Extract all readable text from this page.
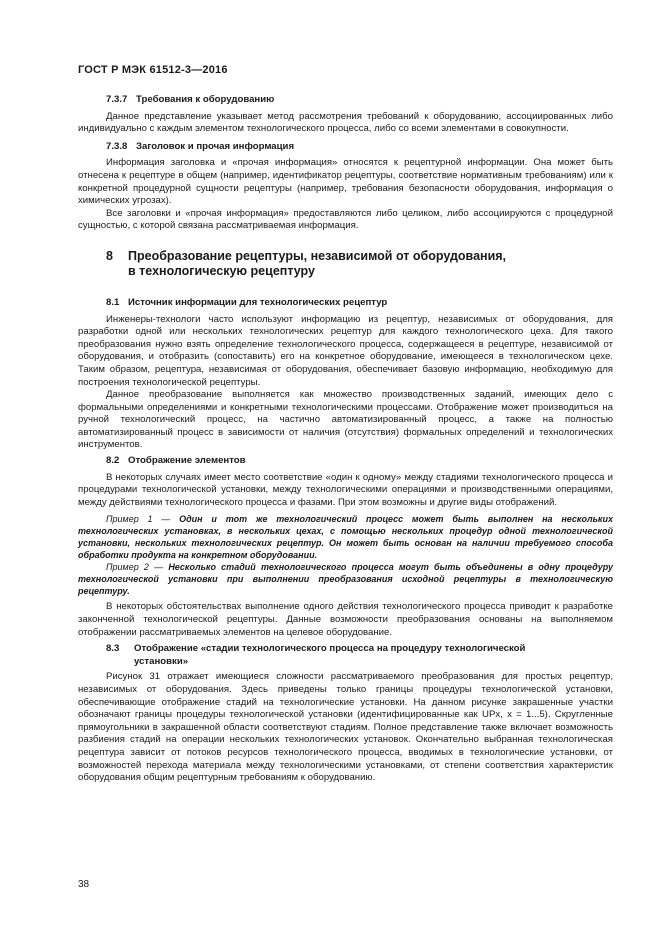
ГОСТ Р МЭК 61512-3—2016
7.3.7 Требования к оборудованию

Данное представление указывает метод рассмотрения требований к оборудованию, ассоциированных либо индивидуально с каждым элементом технологического процесса, либо со всеми элементами в совокупности.

7.3.8 Заголовок и прочая информация

Информация заголовка и «прочая информация» относятся к рецептурной информации. Она может быть отнесена к рецептуре в общем (например, идентификатор рецептуры, соответствие нормативным требованиям) или к конкретной процедурной сущности рецептуры (например, требования безопасности оборудования, информация о химических угрозах).

Все заголовки и «прочая информация» предоставляются либо целиком, либо ассоциируются с процедурной сущностью, с которой связана рассматриваемая информация.

8	Преобразование рецептуры, независимой от оборудования,
в технологическую рецептуру
8.1 Источник информации для технологических рецептур

Инженеры-технологи часто используют информацию из рецептур, независимых от оборудования, для разработки одной или нескольких технологических рецептур для каждого технологического цеха. Для такого преобразования нужно взять определение технологического процесса, содержащееся в рецептуре, независимой от оборудования, и отобразить (сопоставить) его на конкретное оборудование, имеющееся в технологическом цехе. Таким образом, рецептура, независимая от оборудования, обеспечивает базовую информацию, необходимую для построения технологической рецептуры.

Данное преобразование выполняется как множество производственных заданий, имеющих дело с формальными определениями и конкретными технологическими процессами. Отображение может производиться на ручной технологический процесс, на частично автоматизированный процесс, а также на полностью автоматизированный процесс в зависимости от наличия (отсутствия) формальных определений и технологических инструментов.

8.2 Отображение элементов

В некоторых случаях имеет место соответствие «один к одному» между стадиями технологического процесса и процедурами технологической установки, между технологическими операциями и производственными операциями, между действиями технологического процесса и фазами. При этом возможны и другие виды отображений.

Пример 1 — Один и тот же технологический процесс может быть выполнен на нескольких технологических установках, в нескольких цехах, с помощью нескольких процедур одной технологической установки, нескольких технологических рецептур. Он может быть основан на наличии требуемого способа обработки продукта на конкретном оборудовании.

Пример 2 — Несколько стадий технологического процесса могут быть объединены в одну процедуру технологической установки при выполнении преобразования исходной рецептуры в технологическую рецептуру.

В некоторых обстоятельствах выполнение одного действия технологического процесса приводит к разработке законченной технологической рецептуры. Данные возможности преобразования основаны на выполняемом отображении рассматриваемых элементов на целевое оборудование.

8.3	Отображение «стадии технологического процесса на процедуру технологической
установки»

Рисунок 31 отражает имеющиеся сложности рассматриваемого преобразования для простых рецептур, независимых от оборудования. Здесь приведены только границы процедуры технологической установки, обеспечивающие отображение стадий на технологические установки. На данном рисунке закрашенные участки обозначают границы процедуры технологической установки (идентифицированные как UPx, x = 1...5). Скругленные прямоугольники в закрашенной области соответствуют стадиям. Полное представление также включает возможность разбиения стадий на операции нескольких технологических установок. Окончательно выбранная технологическая рецептура зависит от потоков ресурсов технологического процесса, вводимых в технологические установки, от возможностей перехода материала между технологическими установками, от степени соответствия характеристик оборудования общим рецептурным требованиям к оборудованию.

38
